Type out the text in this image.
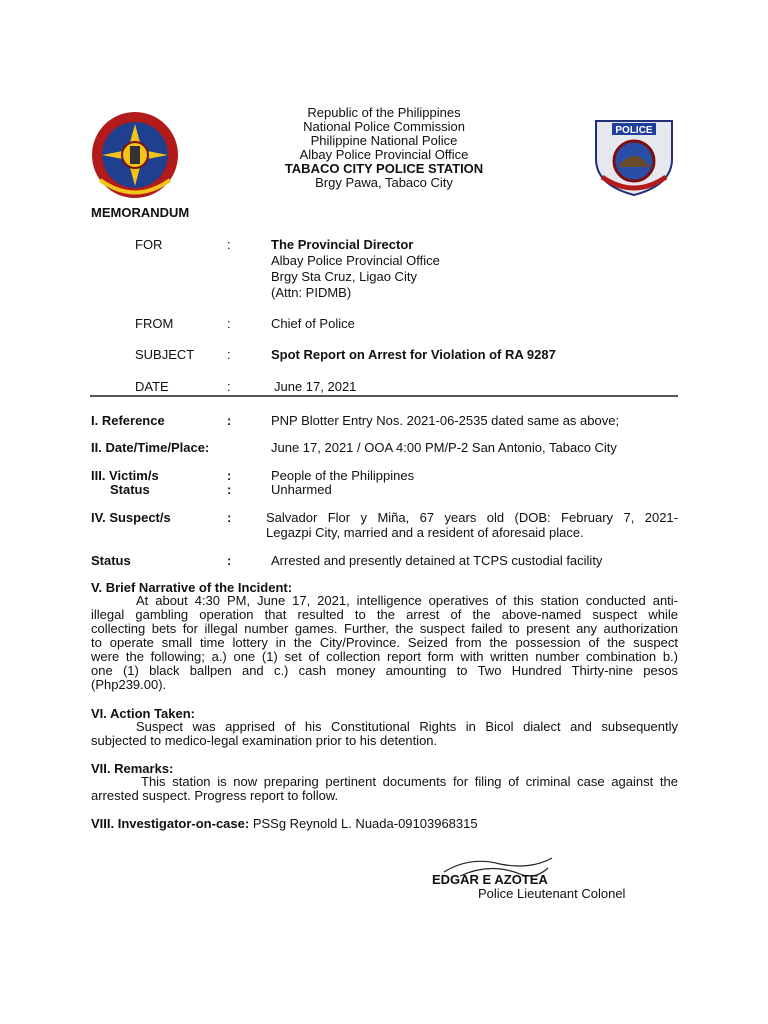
POLICE
Republic of the Philippines
National Police Commission
Philippine National Police
Albay Police Provincial Office
TABACO CITY POLICE STATION
Brgy Pawa, Tabaco City
MEMORANDUM
FOR	:	The Provincial Director
Albay Police Provincial Office
Brgy Sta Cruz, Ligao City
(Attn: PIDMB)
FROM	:	Chief of Police
SUBJECT	:	Spot Report on Arrest for Violation of RA 9287
DATE	:	June 17, 2021
I. Reference	:	PNP Blotter Entry Nos. 2021-06-2535 dated same as above;
II. Date/Time/Place:	June 17, 2021 / OOA 4:00 PM/P-2 San Antonio, Tabaco City
III. Victim/s	:	People of the Philippines
Status	:	Unharmed
IV. Suspect/s	:	Salvador Flor y Miña, 67 years old (DOB: February 7, 2021-
Legazpi City, married and a resident of aforesaid place.
Status	:	Arrested and presently detained at TCPS custodial facility
V. Brief Narrative of the Incident:
At about 4:30 PM, June 17, 2021, intelligence operatives of this station conducted anti-
illegal gambling operation that resulted to the arrest of the above-named suspect while
collecting bets for illegal number games. Further, the suspect failed to present any authorization
to operate small time lottery in the City/Province. Seized from the possession of the suspect
were the following; a.) one (1) set of collection report form with written number combination b.)
one (1) black ballpen and c.) cash money amounting to Two Hundred Thirty-nine pesos
(Php239.00).
VI. Action Taken:
Suspect was apprised of his Constitutional Rights in Bicol dialect and subsequently
subjected to medico-legal examination prior to his detention.
VII. Remarks:
This station is now preparing pertinent documents for filing of criminal case against the
arrested suspect. Progress report to follow.
VIII. Investigator-on-case: PSSg Reynold L. Nuada-09103968315
EDGAR E AZOTEA
Police Lieutenant Colonel
